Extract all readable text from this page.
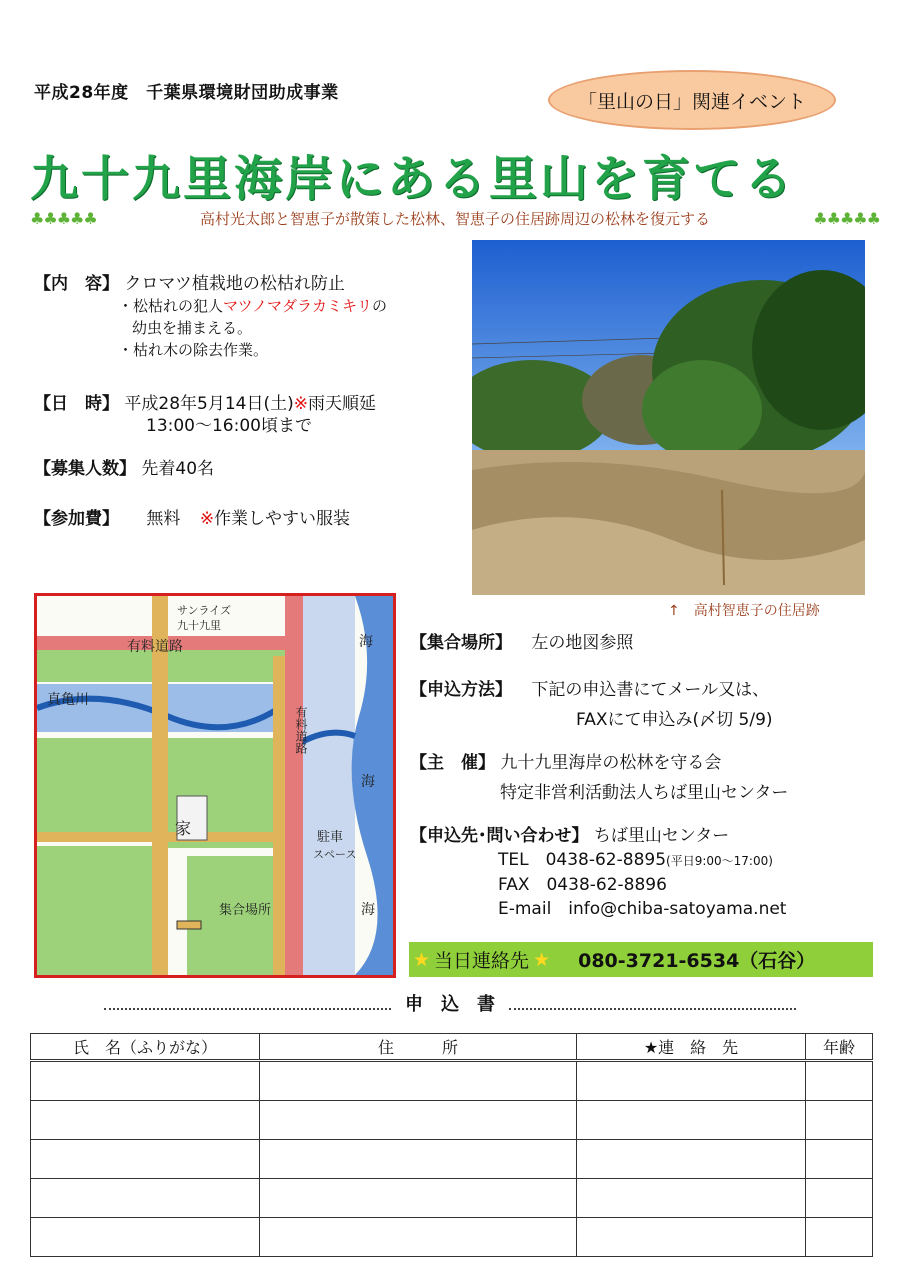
平成28年度　千葉県環境財団助成事業	「里山の日」関連イベント
九十九里海岸にある里山を育てる
♣♣♣♣♣	高村光太郎と智恵子が散策した松林、智恵子の住居跡周辺の松林を復元する	♣♣♣♣♣
【内　容】 クロマツ植栽地の松枯れ防止
・松枯れの犯人マツノマダラカミキリの
幼虫を捕まえる。
・枯れ木の除去作業。
【日　時】 平成28年5月14日(土)※雨天順延
13:00～16:00頃まで
【募集人数】 先着40名
【参加費】 無料 ※作業しやすい服装
↑　高村智恵子の住居跡
家
サンライズ
九十九里
有料道路
真亀川
有料道路
海
海
海
駐車
スペース
集合場所
【集合場所】 左の地図参照
【申込方法】 下記の申込書にてメール又は、
FAXにて申込み(〆切 5/9)
【主　催】 九十九里海岸の松林を守る会
特定非営利活動法人ちば里山センター
【申込先･問い合わせ】 ちば里山センター
TEL　0438-62-8895(平日9:00～17:00)
FAX　0438-62-8896
E-mail　info@chiba-satoyama.net
★ 当日連絡先 ★ 080-3721-6534（石谷）
申　込　書
氏　名（ふりがな）	住　　　所	★連　絡　先	年齢
